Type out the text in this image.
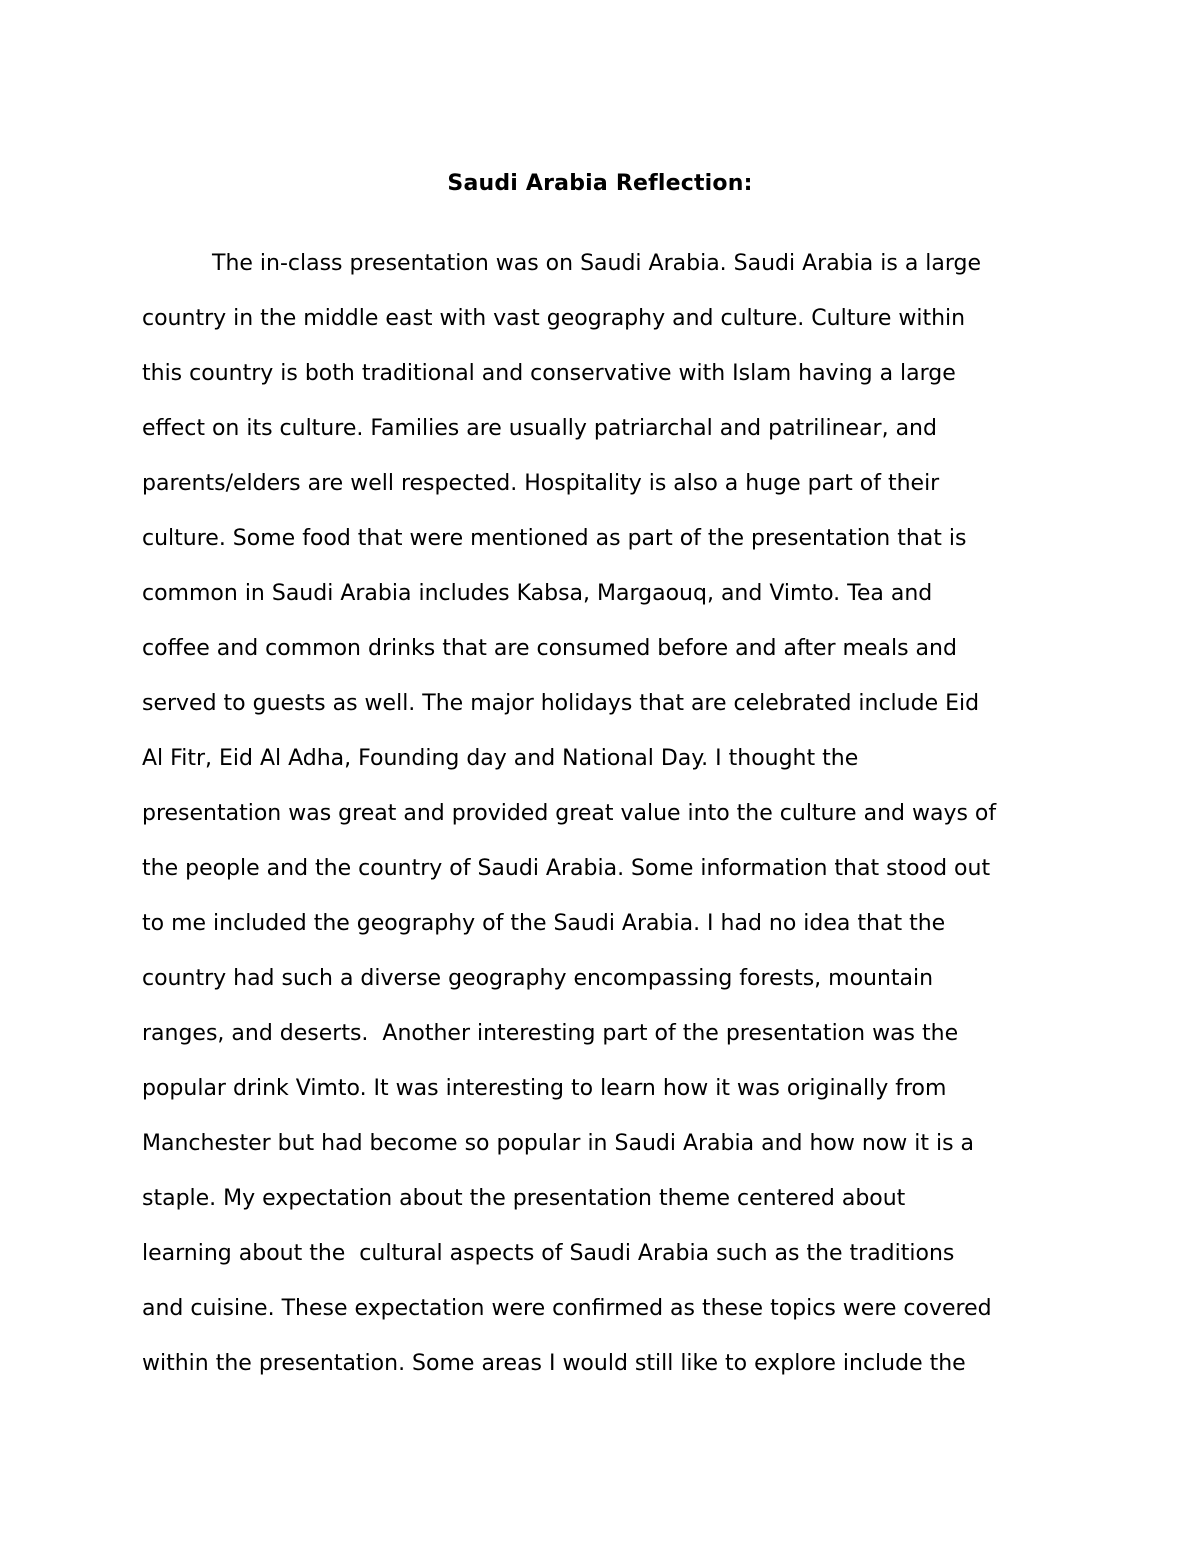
Saudi Arabia Reflection:
The in-class presentation was on Saudi Arabia. Saudi Arabia is a large
country in the middle east with vast geography and culture. Culture within
this country is both traditional and conservative with Islam having a large
effect on its culture. Families are usually patriarchal and patrilinear, and
parents/elders are well respected. Hospitality is also a huge part of their
culture. Some food that were mentioned as part of the presentation that is
common in Saudi Arabia includes Kabsa, Margaouq, and Vimto. Tea and
coffee and common drinks that are consumed before and after meals and
served to guests as well. The major holidays that are celebrated include Eid
Al Fitr, Eid Al Adha, Founding day and National Day. I thought the
presentation was great and provided great value into the culture and ways of
the people and the country of Saudi Arabia. Some information that stood out
to me included the geography of the Saudi Arabia. I had no idea that the
country had such a diverse geography encompassing forests, mountain
ranges, and deserts.  Another interesting part of the presentation was the
popular drink Vimto. It was interesting to learn how it was originally from
Manchester but had become so popular in Saudi Arabia and how now it is a
staple. My expectation about the presentation theme centered about
learning about the  cultural aspects of Saudi Arabia such as the traditions
and cuisine. These expectation were confirmed as these topics were covered
within the presentation. Some areas I would still like to explore include the
